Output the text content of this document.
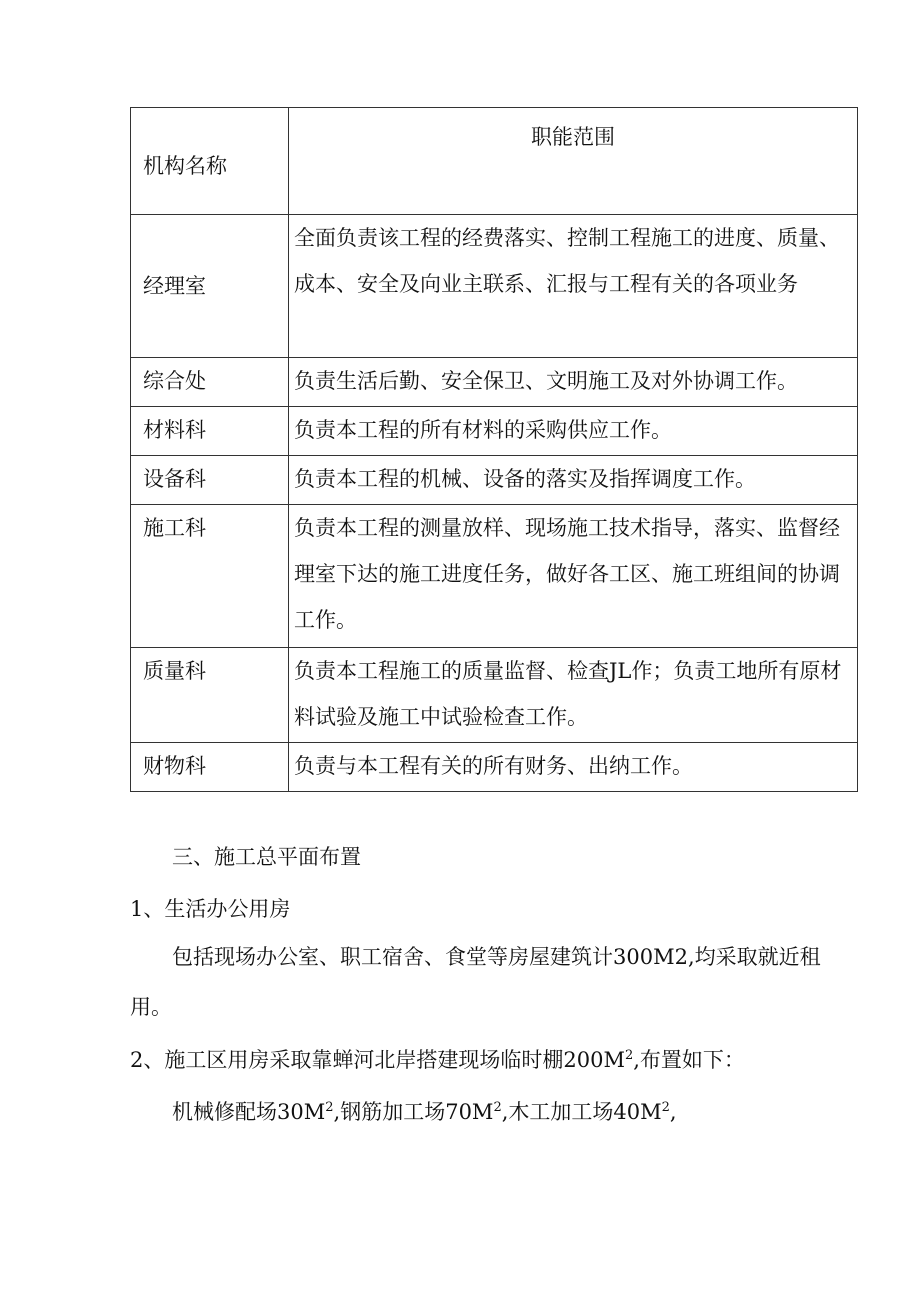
机构名称	职能范围
经理室	全面负责该工程的经费落实、控制工程施工的进度、质量、成本、安全及向业主联系、汇报与工程有关的各项业务
综合处	负责生活后勤、安全保卫、文明施工及对外协调工作。
材料科	负责本工程的所有材料的采购供应工作。
设备科	负责本工程的机械、设备的落实及指挥调度工作。
施工科	负责本工程的测量放样、现场施工技术指导，落实、监督经理室下达的施工进度任务，做好各工区、施工班组间的协调工作。
质量科	负责本工程施工的质量监督、检查JL作；负责工地所有原材料试验及施工中试验检查工作。
财物科	负责与本工程有关的所有财务、出纳工作。
三、施工总平面布置
1、生活办公用房
包括现场办公室、职工宿舍、食堂等房屋建筑计300M2,均采取就近租用。
2、施工区用房采取靠蝉河北岸搭建现场临时棚$200M^2$,布置如下：
机械修配场$30M^2$,钢筋加工场$70M^2$,木工加工场$40M^2$,
